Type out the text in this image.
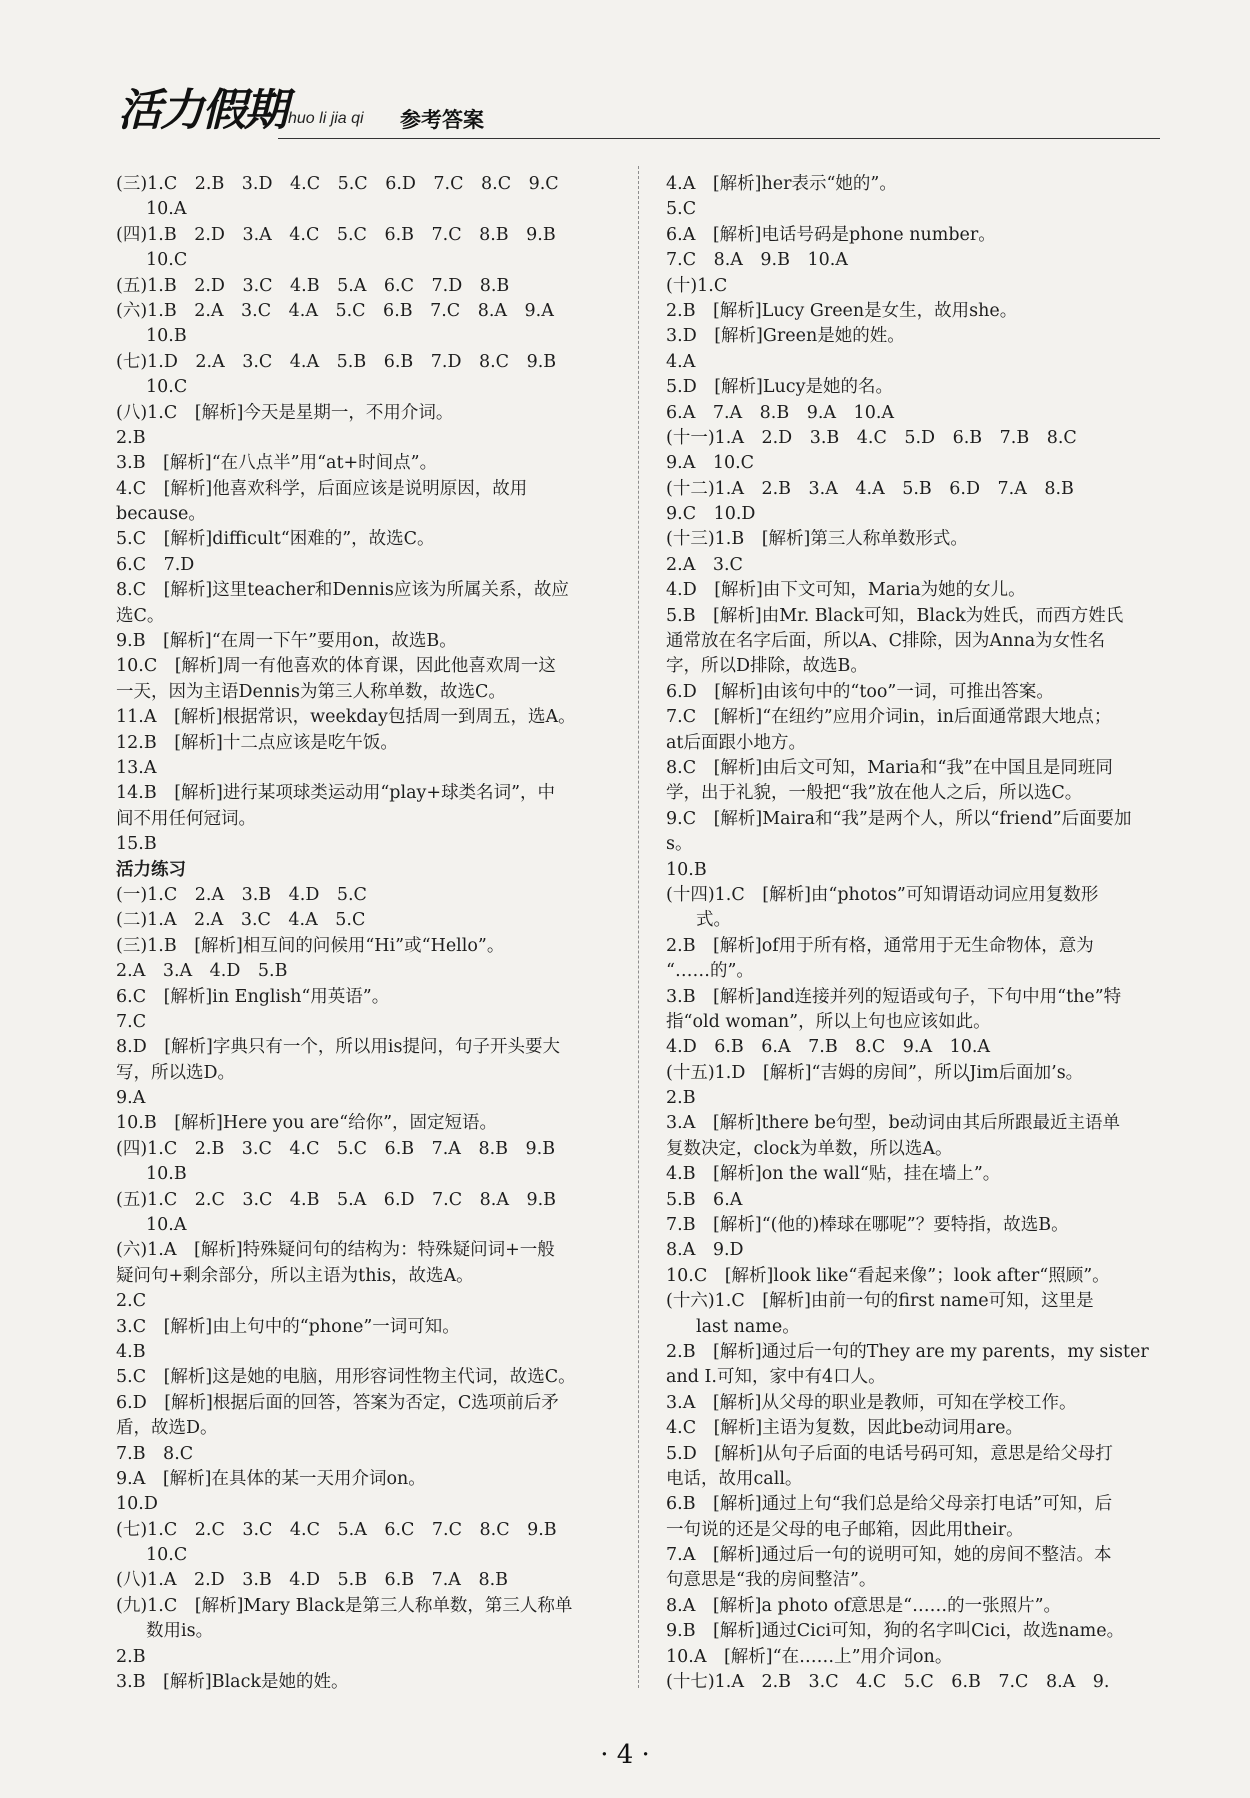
活力假期 huo li jia qi 参考答案
(三)1.C　2.B　3.D　4.C　5.C　6.D　7.C　8.C　9.C
10.A
(四)1.B　2.D　3.A　4.C　5.C　6.B　7.C　8.B　9.B
10.C
(五)1.B　2.D　3.C　4.B　5.A　6.C　7.D　8.B
(六)1.B　2.A　3.C　4.A　5.C　6.B　7.C　8.A　9.A
10.B
(七)1.D　2.A　3.C　4.A　5.B　6.B　7.D　8.C　9.B
10.C
(八)1.C　[解析]今天是星期一，不用介词。
2.B
3.B　[解析]“在八点半”用“at+时间点”。
4.C　[解析]他喜欢科学，后面应该是说明原因，故用
because。
5.C　[解析]difficult“困难的”，故选C。
6.C　7.D
8.C　[解析]这里teacher和Dennis应该为所属关系，故应
选C。
9.B　[解析]“在周一下午”要用on，故选B。
10.C　[解析]周一有他喜欢的体育课，因此他喜欢周一这
一天，因为主语Dennis为第三人称单数，故选C。
11.A　[解析]根据常识，weekday包括周一到周五，选A。
12.B　[解析]十二点应该是吃午饭。
13.A
14.B　[解析]进行某项球类运动用“play+球类名词”，中
间不用任何冠词。
15.B
活力练习
(一)1.C　2.A　3.B　4.D　5.C
(二)1.A　2.A　3.C　4.A　5.C
(三)1.B　[解析]相互间的问候用“Hi”或“Hello”。
2.A　3.A　4.D　5.B
6.C　[解析]in English“用英语”。
7.C
8.D　[解析]字典只有一个，所以用is提问，句子开头要大
写，所以选D。
9.A
10.B　[解析]Here you are“给你”，固定短语。
(四)1.C　2.B　3.C　4.C　5.C　6.B　7.A　8.B　9.B
10.B
(五)1.C　2.C　3.C　4.B　5.A　6.D　7.C　8.A　9.B
10.A
(六)1.A　[解析]特殊疑问句的结构为：特殊疑问词+一般
疑问句+剩余部分，所以主语为this，故选A。
2.C
3.C　[解析]由上句中的“phone”一词可知。
4.B
5.C　[解析]这是她的电脑，用形容词性物主代词，故选C。
6.D　[解析]根据后面的回答，答案为否定，C选项前后矛
盾，故选D。
7.B　8.C
9.A　[解析]在具体的某一天用介词on。
10.D
(七)1.C　2.C　3.C　4.C　5.A　6.C　7.C　8.C　9.B
10.C
(八)1.A　2.D　3.B　4.D　5.B　6.B　7.A　8.B
(九)1.C　[解析]Mary Black是第三人称单数，第三人称单
数用is。
2.B
3.B　[解析]Black是她的姓。
4.A　[解析]her表示“她的”。
5.C
6.A　[解析]电话号码是phone number。
7.C　8.A　9.B　10.A
(十)1.C
2.B　[解析]Lucy Green是女生，故用she。
3.D　[解析]Green是她的姓。
4.A
5.D　[解析]Lucy是她的名。
6.A　7.A　8.B　9.A　10.A
(十一)1.A　2.D　3.B　4.C　5.D　6.B　7.B　8.C
9.A　10.C
(十二)1.A　2.B　3.A　4.A　5.B　6.D　7.A　8.B
9.C　10.D
(十三)1.B　[解析]第三人称单数形式。
2.A　3.C
4.D　[解析]由下文可知，Maria为她的女儿。
5.B　[解析]由Mr. Black可知，Black为姓氏，而西方姓氏
通常放在名字后面，所以A、C排除，因为Anna为女性名
字，所以D排除，故选B。
6.D　[解析]由该句中的“too”一词，可推出答案。
7.C　[解析]“在纽约”应用介词in，in后面通常跟大地点；
at后面跟小地方。
8.C　[解析]由后文可知，Maria和“我”在中国且是同班同
学，出于礼貌，一般把“我”放在他人之后，所以选C。
9.C　[解析]Maira和“我”是两个人，所以“friend”后面要加
s。
10.B
(十四)1.C　[解析]由“photos”可知谓语动词应用复数形
式。
2.B　[解析]of用于所有格，通常用于无生命物体，意为
“……的”。
3.B　[解析]and连接并列的短语或句子，下句中用“the”特
指“old woman”，所以上句也应该如此。
4.D　6.B　6.A　7.B　8.C　9.A　10.A
(十五)1.D　[解析]“吉姆的房间”，所以Jim后面加’s。
2.B
3.A　[解析]there be句型，be动词由其后所跟最近主语单
复数决定，clock为单数，所以选A。
4.B　[解析]on the wall“贴，挂在墙上”。
5.B　6.A
7.B　[解析]“(他的)棒球在哪呢”？要特指，故选B。
8.A　9.D
10.C　[解析]look like“看起来像”；look after“照顾”。
(十六)1.C　[解析]由前一句的first name可知，这里是
last name。
2.B　[解析]通过后一句的They are my parents，my sister
and I.可知，家中有4口人。
3.A　[解析]从父母的职业是教师，可知在学校工作。
4.C　[解析]主语为复数，因此be动词用are。
5.D　[解析]从句子后面的电话号码可知，意思是给父母打
电话，故用call。
6.B　[解析]通过上句“我们总是给父母亲打电话”可知，后
一句说的还是父母的电子邮箱，因此用their。
7.A　[解析]通过后一句的说明可知，她的房间不整洁。本
句意思是“我的房间整洁”。
8.A　[解析]a photo of意思是“……的一张照片”。
9.B　[解析]通过Cici可知，狗的名字叫Cici，故选name。
10.A　[解析]“在……上”用介词on。
(十七)1.A　2.B　3.C　4.C　5.C　6.B　7.C　8.A　9.
· 4 ·
